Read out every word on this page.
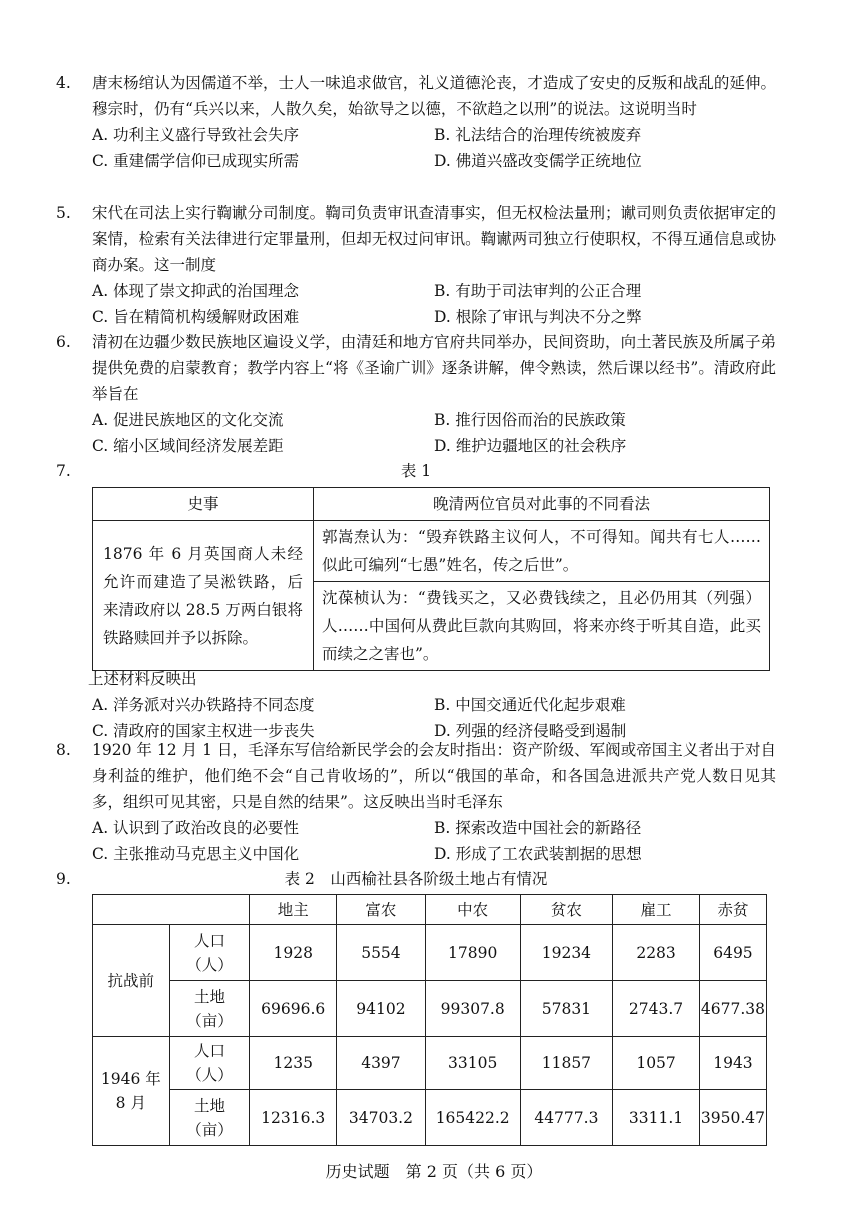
4.	唐末杨绾认为因儒道不举，士人一味追求做官，礼义道德沦丧，才造成了安史的反叛和战乱的延伸。穆宗时，仍有“兵兴以来，人散久矣，始欲导之以德，不欲趋之以刑”的说法。这说明当时
A. 功利主义盛行导致社会失序	B. 礼法结合的治理传统被废弃
C. 重建儒学信仰已成现实所需	D. 佛道兴盛改变儒学正统地位
5.	宋代在司法上实行鞫谳分司制度。鞫司负责审讯查清事实，但无权检法量刑；谳司则负责依据审定的案情，检索有关法律进行定罪量刑，但却无权过问审讯。鞫谳两司独立行使职权，不得互通信息或协商办案。这一制度
A. 体现了崇文抑武的治国理念	B. 有助于司法审判的公正合理
C. 旨在精简机构缓解财政困难	D. 根除了审讯与判决不分之弊
6.	清初在边疆少数民族地区遍设义学，由清廷和地方官府共同举办，民间资助，向土著民族及所属子弟提供免费的启蒙教育；教学内容上“将《圣谕广训》逐条讲解，俾令熟读，然后课以经书”。清政府此举旨在
A. 促进民族地区的文化交流	B. 推行因俗而治的民族政策
C. 缩小区域间经济发展差距	D. 维护边疆地区的社会秩序
7.	表 1
史事	晚清两位官员对此事的不同看法
1876 年 6 月英国商人未经允许而建造了吴淞铁路，后来清政府以 28.5 万两白银将铁路赎回并予以拆除。	郭嵩焘认为：“毁弃铁路主议何人，不可得知。闻共有七人……似此可编列“七愚”姓名，传之后世”。
	沈葆桢认为：“费钱买之，又必费钱续之，且必仍用其（列强）人……中国何从费此巨款向其购回，将来亦终于听其自造，此买而续之之害也”。
上述材料反映出
A. 洋务派对兴办铁路持不同态度	B. 中国交通近代化起步艰难
C. 清政府的国家主权进一步丧失	D. 列强的经济侵略受到遏制
8.	1920 年 12 月 1 日，毛泽东写信给新民学会的会友时指出：资产阶级、军阀或帝国主义者出于对自身利益的维护，他们绝不会“自己肯收场的”，所以“俄国的革命，和各国急进派共产党人数日见其多，组织可见其密，只是自然的结果”。这反映出当时毛泽东
A. 认识到了政治改良的必要性	B. 探索改造中国社会的新路径
C. 主张推动马克思主义中国化	D. 形成了工农武装割据的思想
9.	表 2　山西榆社县各阶级土地占有情况
		地主	富农	中农	贫农	雇工	赤贫
抗战前	人口（人）	1928	5554	17890	19234	2283	6495
	土地（亩）	69696.6	94102	99307.8	57831	2743.7	4677.38
1946 年 8 月	人口（人）	1235	4397	33105	11857	1057	1943
	土地（亩）	12316.3	34703.2	165422.2	44777.3	3311.1	3950.47
历史试题　第 2 页（共 6 页）
